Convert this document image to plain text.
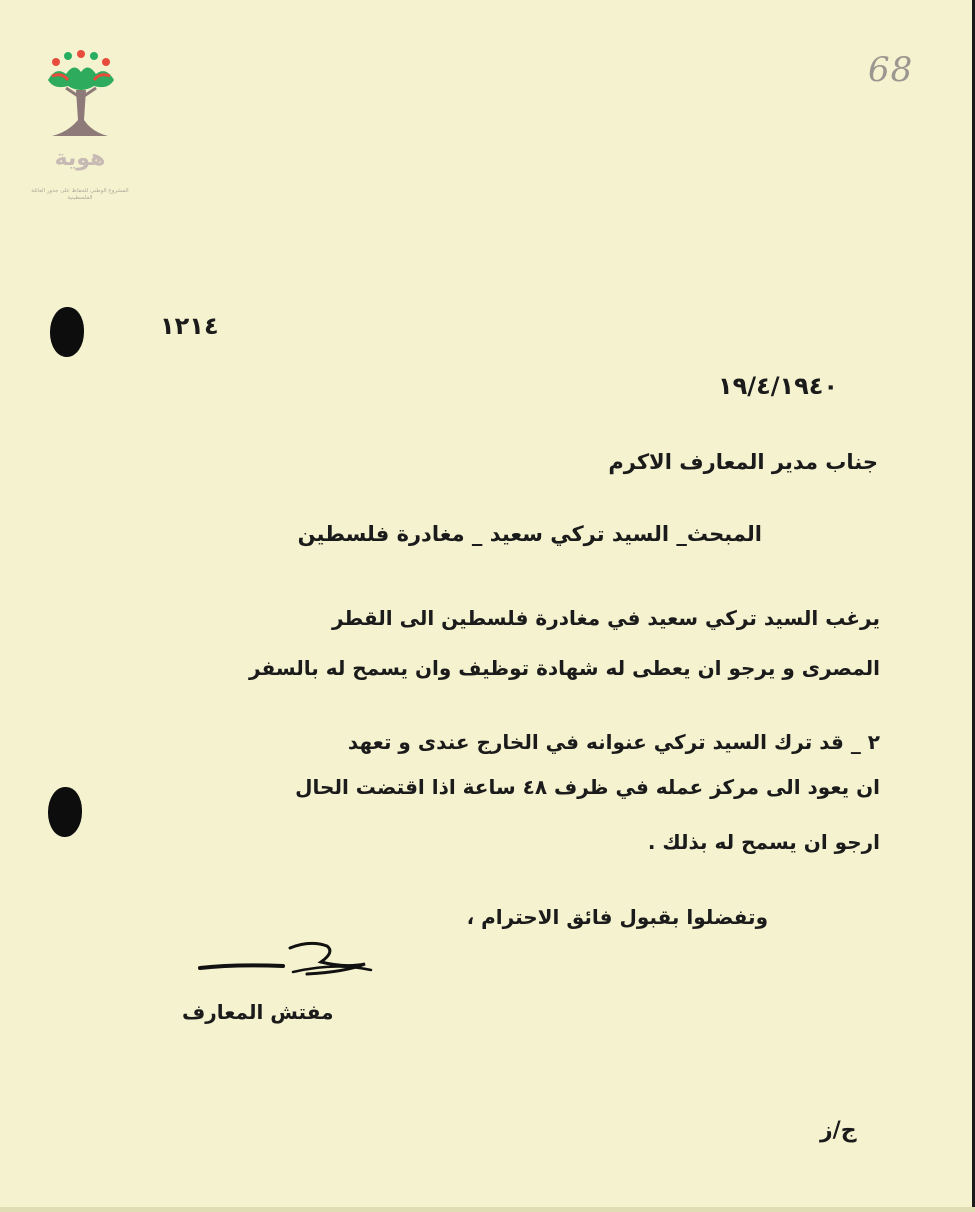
هوية
المشروع الوطني للحفاظ على جذور العائلة الفلسطينية
68
١٢١٤
١٩/٤/١٩٤٠
جناب مدير المعارف الاكرم
المبحث_ السيد تركي سعيد _ مغادرة فلسطين
يرغب السيد تركي سعيد في مغادرة فلسطين الى القطر
المصرى و يرجو ان يعطى له شهادة توظيف وان يسمح له بالسفر
٢ _ قد ترك السيد تركي عنوانه في الخارج عندى و تعهد
ان يعود الى مركز عمله في ظرف ٤٨ ساعة اذا اقتضت الحال
ارجو ان يسمح له بذلك .
وتفضلوا بقبول فائق الاحترام ،
مفتش المعارف
ج/ز
